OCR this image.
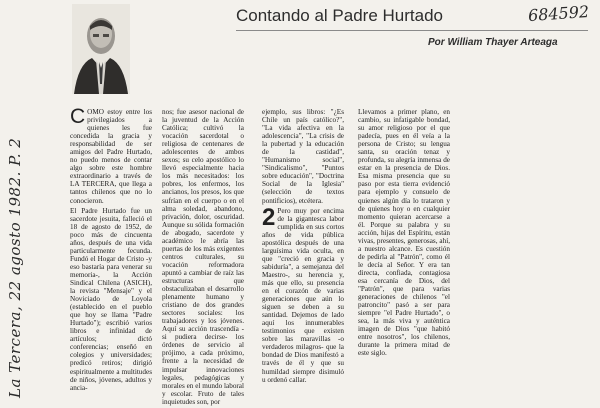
La Tercera, 22 agosto 1982. P. 2
684592
Contando al Padre Hurtado
Por William Thayer Arteaga

COMO estoy entre los privilegiados a quienes les fue concedida la gracia y responsabilidad de ser amigos del Padre Hurtado, no puedo menos de contar algo sobre este hombre extraordinario a través de LA TERCERA, que llega a tantos chilenos que no lo conocieron.

El Padre Hurtado fue un sacerdote jesuita, falleció el 18 de agosto de 1952, de poco más de cincuenta años, después de una vida particularmente fecunda. Fundó el Hogar de Cristo -y eso bastaría para venerar su memoria-, la Acción Sindical Chilena (ASICH), la revista "Mensaje" y el Noviciado de Loyola (establecido en el pueblo que hoy se llama "Padre Hurtado"); escribió varios libros e infinidad de artículos; dictó conferencias; enseñó en colegios y universidades; predicó retiros; dirigió espiritualmente a multitudes de niños, jóvenes, adultos y ancia-

nos; fue asesor nacional de la juventud de la Acción Católica; cultivó la vocación sacerdotal o religiosa de centenares de adolescentes de ambos sexos; su celo apostólico lo llevó especialmente hacia los más necesitados: los pobres, los enfermos, los ancianos, los presos, los que sufrían en el cuerpo o en el alma soledad, abandono, privación, dolor, oscuridad. Aunque su sólida formación de abogado, sacerdote y académico le abría las puertas de los más exigentes centros culturales, su vocación reformadora apuntó a cambiar de raíz las estructuras que obstaculizaban el desarrollo plenamente humano y cristiano de dos grandes sectores sociales: los trabajadores y los jóvenes. Aquí su acción trascendía -si pudiera decirse- los órdenes de servicio al prójimo, a cada próximo, frente a la necesidad de impulsar innovaciones legales, pedagógicas y morales en el mundo laboral y escolar. Fruto de tales inquietudes son, por

ejemplo, sus libros: "¿Es Chile un país católico?", "La vida afectiva en la adolescencia", "La crisis de la pubertad y la educación de la castidad", "Humanismo social", "Sindicalismo", "Puntos sobre educación", "Doctrina Social de la Iglesia" (selección de textos pontificios), etcétera.

2 Pero muy por encima de la gigantesca labor cumplida en sus cortos años de vida pública apostólica después de una larguísima vida oculta, en que "creció en gracia y sabiduría", a semejanza del Maestro-, su herencia y, más que ello, su presencia en el corazón de varias generaciones que aún lo siguen se deben a su santidad. Dejemos de lado aquí los innumerables testimonios que existen sobre las maravillas -o verdaderos milagros- que la bondad de Dios manifestó a través de él y que su humildad siempre disimuló u ordenó callar.

Llevamos a primer plano, en cambio, su infatigable bondad, su amor religioso por el que padecía, pues en él veía a la persona de Cristo; su lengua santa, su oración tenaz y profunda, su alegría inmensa de estar en la presencia de Dios. Esa misma presencia que su paso por esta tierra evidenció para ejemplo y consuelo de quienes algún día lo trataron y de quienes hoy o en cualquier momento quieran acercarse a él. Porque su palabra y su acción, hijas del Espíritu, están vivas, presentes, generosas, ahí, a nuestro alcance. Es cuestión de pedirla al "Patrón", como él le decía al Señor. Y era tan directa, confiada, contagiosa esa cercanía de Dios, del "Patrón", que para varias generaciones de chilenos "el patroncito" pasó a ser para siempre "el Padre Hurtado", o sea, la más viva y auténtica imagen de Dios "que habitó entre nosotros", los chilenos, durante la primera mitad de este siglo.
